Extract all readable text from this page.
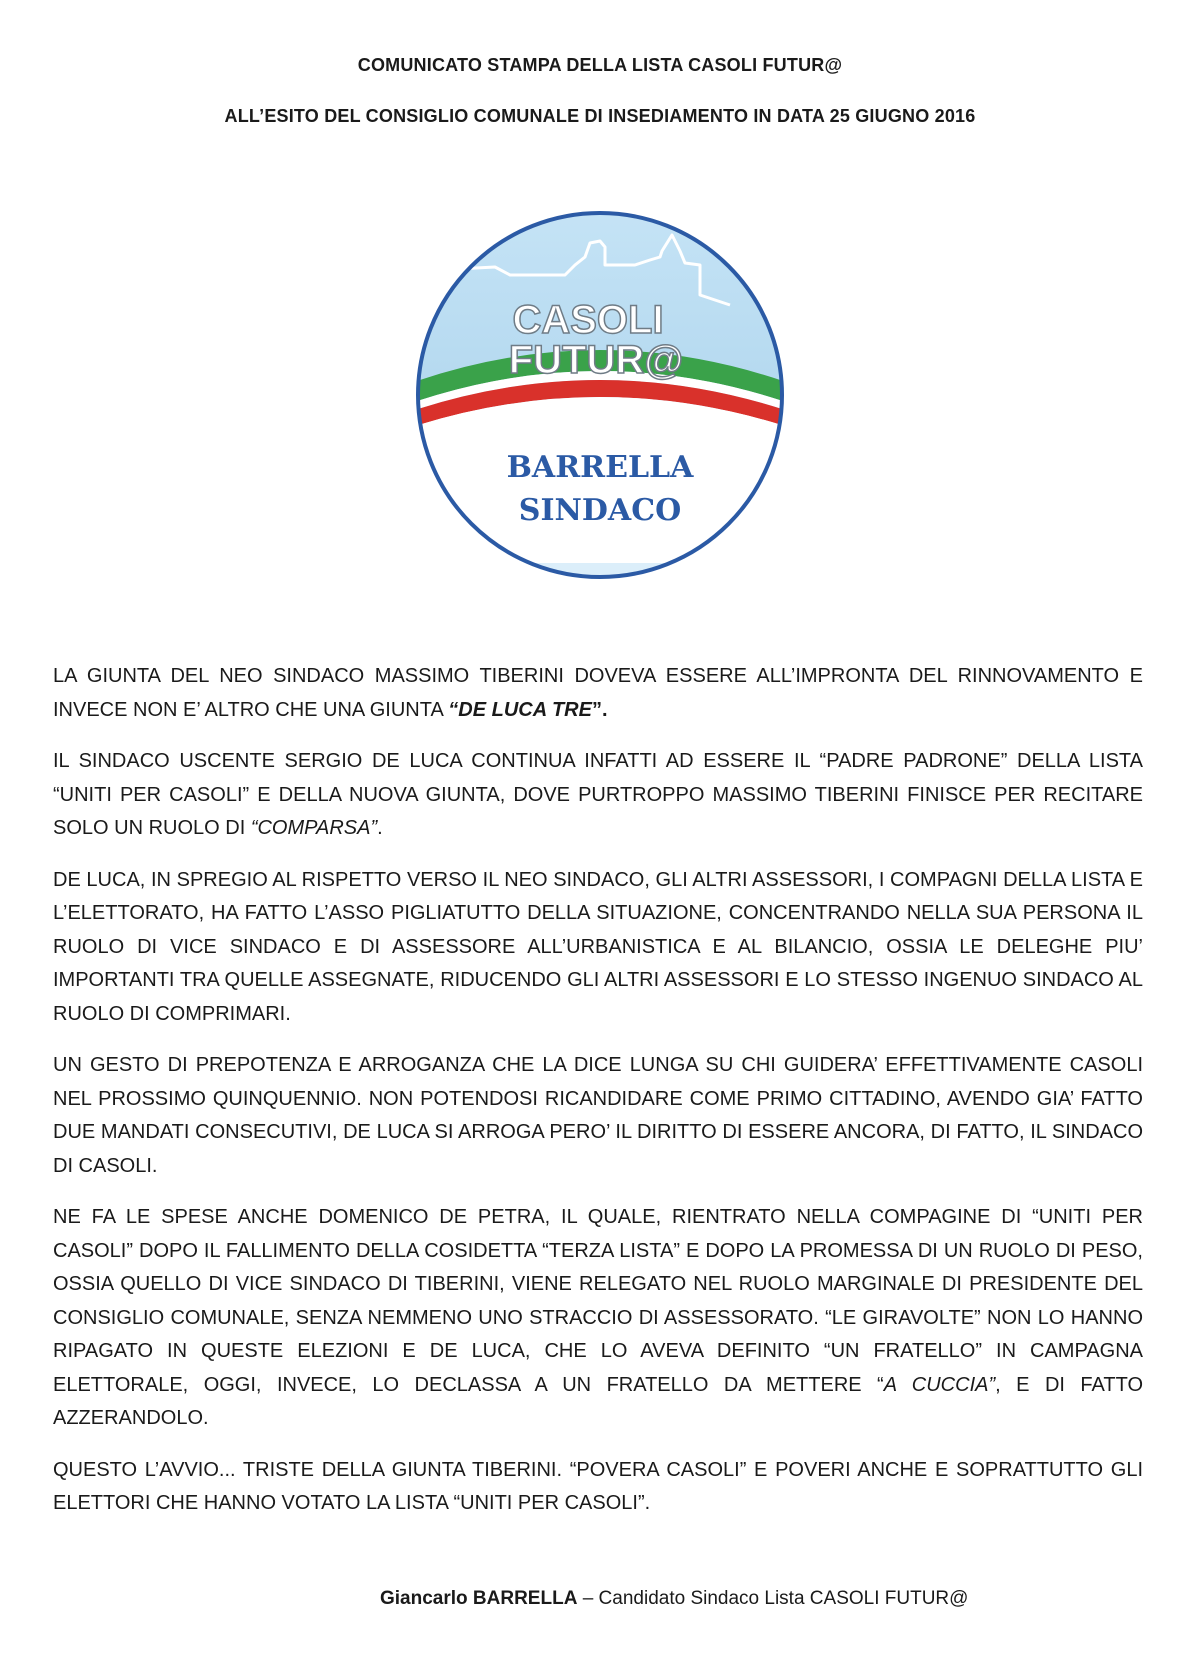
COMUNICATO STAMPA DELLA LISTA CASOLI FUTUR@
ALL’ESITO DEL CONSIGLIO COMUNALE DI INSEDIAMENTO IN DATA 25 GIUGNO 2016
CASOLI
FUTUR@
BARRELLA
SINDACO

LA GIUNTA DEL NEO SINDACO MASSIMO TIBERINI DOVEVA ESSERE ALL’IMPRONTA DEL RINNOVAMENTO E INVECE NON E’ ALTRO CHE UNA GIUNTA “DE LUCA TRE”.

IL SINDACO USCENTE SERGIO DE LUCA CONTINUA INFATTI AD ESSERE IL “PADRE PADRONE” DELLA LISTA “UNITI PER CASOLI” E DELLA NUOVA GIUNTA, DOVE PURTROPPO MASSIMO TIBERINI FINISCE PER RECITARE SOLO UN RUOLO DI “COMPARSA”.

DE LUCA, IN SPREGIO AL RISPETTO VERSO IL NEO SINDACO, GLI ALTRI ASSESSORI, I COMPAGNI DELLA LISTA E L’ELETTORATO, HA FATTO L’ASSO PIGLIATUTTO DELLA SITUAZIONE, CONCENTRANDO NELLA SUA PERSONA IL RUOLO DI VICE SINDACO E DI ASSESSORE ALL’URBANISTICA E AL BILANCIO, OSSIA LE DELEGHE PIU’ IMPORTANTI TRA QUELLE ASSEGNATE, RIDUCENDO GLI ALTRI ASSESSORI E LO STESSO INGENUO SINDACO AL RUOLO DI COMPRIMARI.

UN GESTO DI PREPOTENZA E ARROGANZA CHE LA DICE LUNGA SU CHI GUIDERA’ EFFETTIVAMENTE CASOLI NEL PROSSIMO QUINQUENNIO. NON POTENDOSI RICANDIDARE COME PRIMO CITTADINO, AVENDO GIA’ FATTO DUE MANDATI CONSECUTIVI, DE LUCA SI ARROGA PERO’ IL DIRITTO DI ESSERE ANCORA, DI FATTO, IL SINDACO DI CASOLI.

NE FA LE SPESE ANCHE DOMENICO DE PETRA, IL QUALE, RIENTRATO NELLA COMPAGINE DI “UNITI PER CASOLI” DOPO IL FALLIMENTO DELLA COSIDETTA “TERZA LISTA” E DOPO LA PROMESSA DI UN RUOLO DI PESO, OSSIA QUELLO DI VICE SINDACO DI TIBERINI, VIENE RELEGATO NEL RUOLO MARGINALE DI PRESIDENTE DEL CONSIGLIO COMUNALE, SENZA NEMMENO UNO STRACCIO DI ASSESSORATO. “LE GIRAVOLTE” NON LO HANNO RIPAGATO IN QUESTE ELEZIONI E DE LUCA, CHE LO AVEVA DEFINITO “UN FRATELLO” IN CAMPAGNA ELETTORALE, OGGI, INVECE, LO DECLASSA A UN FRATELLO DA METTERE “A CUCCIA”, E DI FATTO AZZERANDOLO.

QUESTO L’AVVIO... TRISTE DELLA GIUNTA TIBERINI. “POVERA CASOLI” E POVERI ANCHE E SOPRATTUTTO GLI ELETTORI CHE HANNO VOTATO LA LISTA “UNITI PER CASOLI”.

Giancarlo BARRELLA – Candidato Sindaco Lista CASOLI FUTUR@
